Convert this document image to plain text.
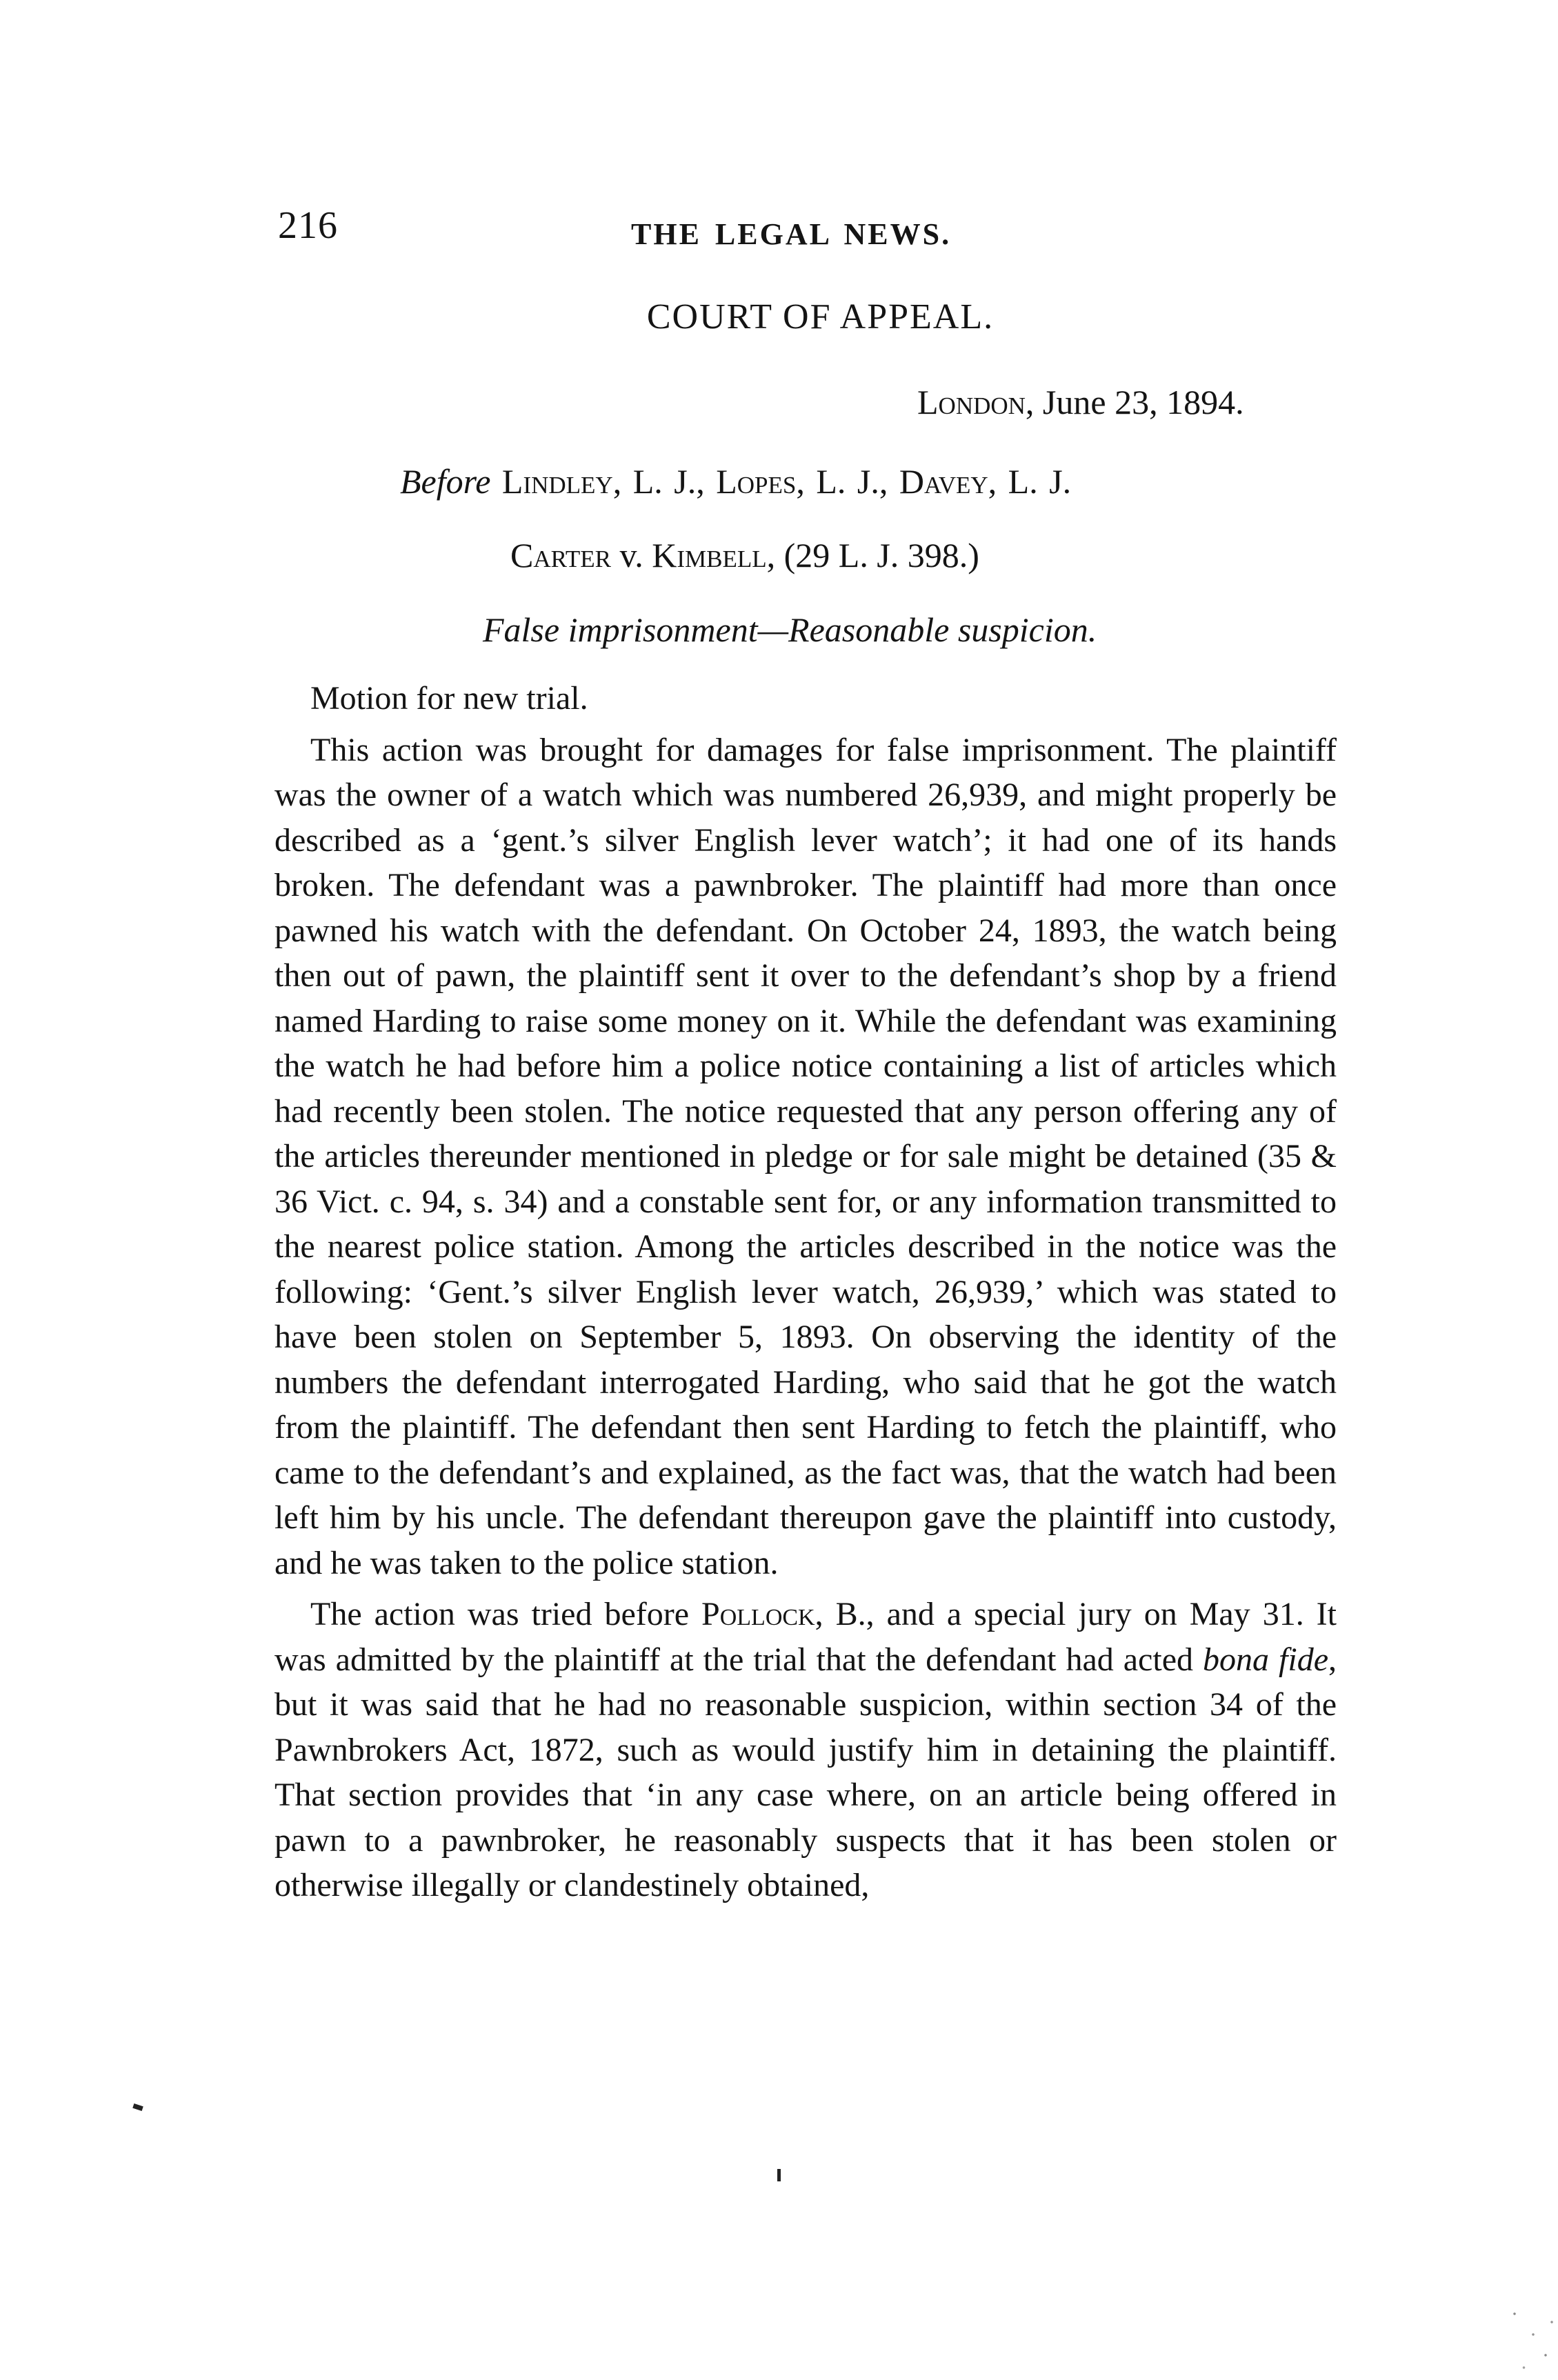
216	THE LEGAL NEWS.
COURT OF APPEAL.
London, June 23, 1894.
Before Lindley, L. J., Lopes, L. J., Davey, L. J.
Carter v. Kimbell, (29 L. J. 398.)
False imprisonment—Reasonable suspicion.

Motion for new trial.

This action was brought for damages for false imprisonment. The plaintiff was the owner of a watch which was numbered 26,939, and might properly be described as a ‘gent.’s silver English lever watch’; it had one of its hands broken. The defendant was a pawnbroker. The plaintiff had more than once pawned his watch with the defendant. On October 24, 1893, the watch being then out of pawn, the plaintiff sent it over to the defendant’s shop by a friend named Harding to raise some money on it. While the defendant was examining the watch he had before him a police notice containing a list of articles which had recently been stolen. The notice requested that any person offering any of the articles thereunder mentioned in pledge or for sale might be detained (35 & 36 Vict. c. 94, s. 34) and a constable sent for, or any information transmitted to the nearest police station. Among the articles described in the notice was the following: ‘Gent.’s silver English lever watch, 26,939,’ which was stated to have been stolen on September 5, 1893. On observing the identity of the numbers the defendant interrogated Harding, who said that he got the watch from the plaintiff. The defendant then sent Harding to fetch the plaintiff, who came to the defendant’s and explained, as the fact was, that the watch had been left him by his uncle. The defendant thereupon gave the plaintiff into custody, and he was taken to the police station.

The action was tried before Pollock, B., and a special jury on May 31. It was admitted by the plaintiff at the trial that the defendant had acted bona fide, but it was said that he had no reasonable suspicion, within section 34 of the Pawnbrokers Act, 1872, such as would justify him in detaining the plaintiff. That section provides that ‘in any case where, on an article being offered in pawn to a pawnbroker, he reasonably suspects that it has been stolen or otherwise illegally or clandestinely obtained,
